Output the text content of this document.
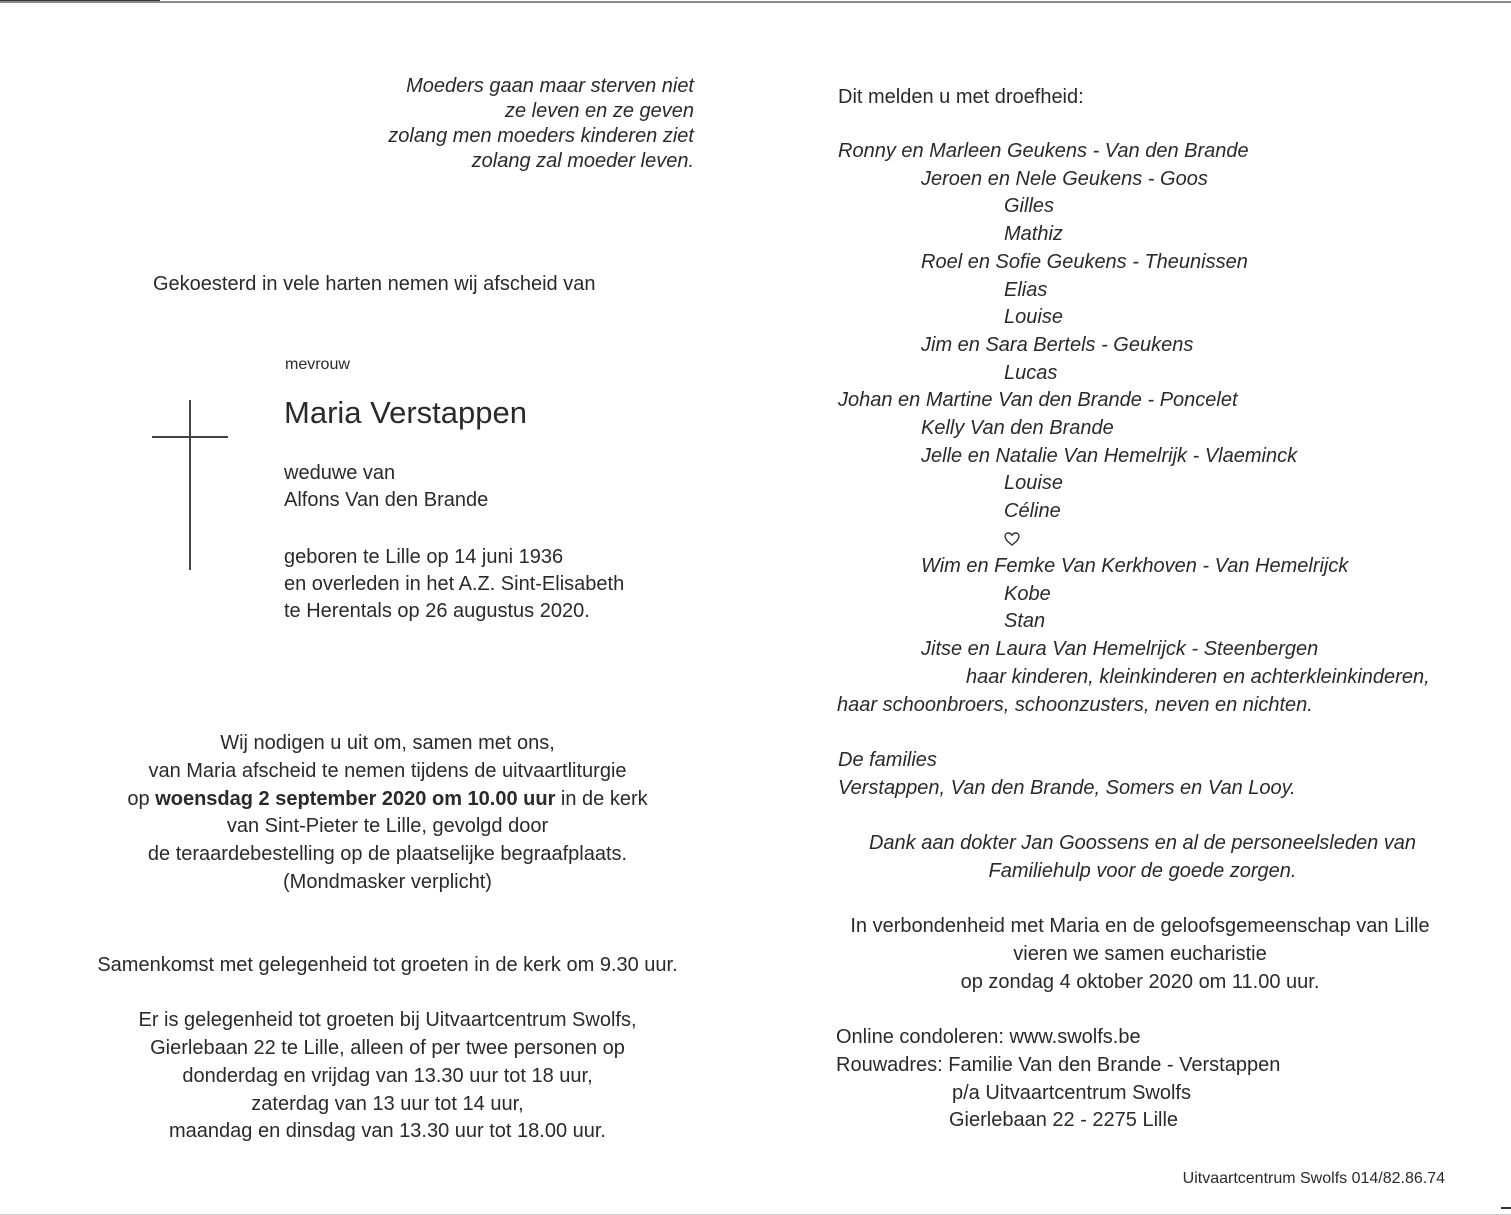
Moeders gaan maar sterven niet
ze leven en ze geven
zolang men moeders kinderen ziet
zolang zal moeder leven.
Gekoesterd in vele harten nemen wij afscheid van
mevrouw
Maria Verstappen
weduwe van
Alfons Van den Brande
geboren te Lille op 14 juni 1936
en overleden in het A.Z. Sint-Elisabeth
te Herentals op 26 augustus 2020.
Wij nodigen u uit om, samen met ons,
van Maria afscheid te nemen tijdens de uitvaartliturgie
op woensdag 2 september 2020 om 10.00 uur in de kerk
van Sint-Pieter te Lille, gevolgd door
de teraardebestelling op de plaatselijke begraafplaats.
(Mondmasker verplicht)
Samenkomst met gelegenheid tot groeten in de kerk om 9.30 uur.
Er is gelegenheid tot groeten bij Uitvaartcentrum Swolfs,
Gierlebaan 22 te Lille, alleen of per twee personen op
donderdag en vrijdag van 13.30 uur tot 18 uur,
zaterdag van 13 uur tot 14 uur,
maandag en dinsdag van 13.30 uur tot 18.00 uur.
Dit melden u met droefheid:
Ronny en Marleen Geukens - Van den Brande
Jeroen en Nele Geukens - Goos
Gilles
Mathiz
Roel en Sofie Geukens - Theunissen
Elias
Louise
Jim en Sara Bertels - Geukens
Lucas
Johan en Martine Van den Brande - Poncelet
Kelly Van den Brande
Jelle en Natalie Van Hemelrijk - Vlaeminck
Louise
Céline
Wim en Femke Van Kerkhoven - Van Hemelrijck
Kobe
Stan
Jitse en Laura Van Hemelrijck - Steenbergen
haar kinderen, kleinkinderen en achterkleinkinderen,
haar schoonbroers, schoonzusters, neven en nichten.
De families
Verstappen, Van den Brande, Somers en Van Looy.
Dank aan dokter Jan Goossens en al de personeelsleden van
Familiehulp voor de goede zorgen.
In verbondenheid met Maria en de geloofsgemeenschap van Lille
vieren we samen eucharistie
op zondag 4 oktober 2020 om 11.00 uur.
Online condoleren: www.swolfs.be
Rouwadres: Familie Van den Brande - Verstappen
p/a Uitvaartcentrum Swolfs
Gierlebaan 22 - 2275 Lille
Uitvaartcentrum Swolfs 014/82.86.74
